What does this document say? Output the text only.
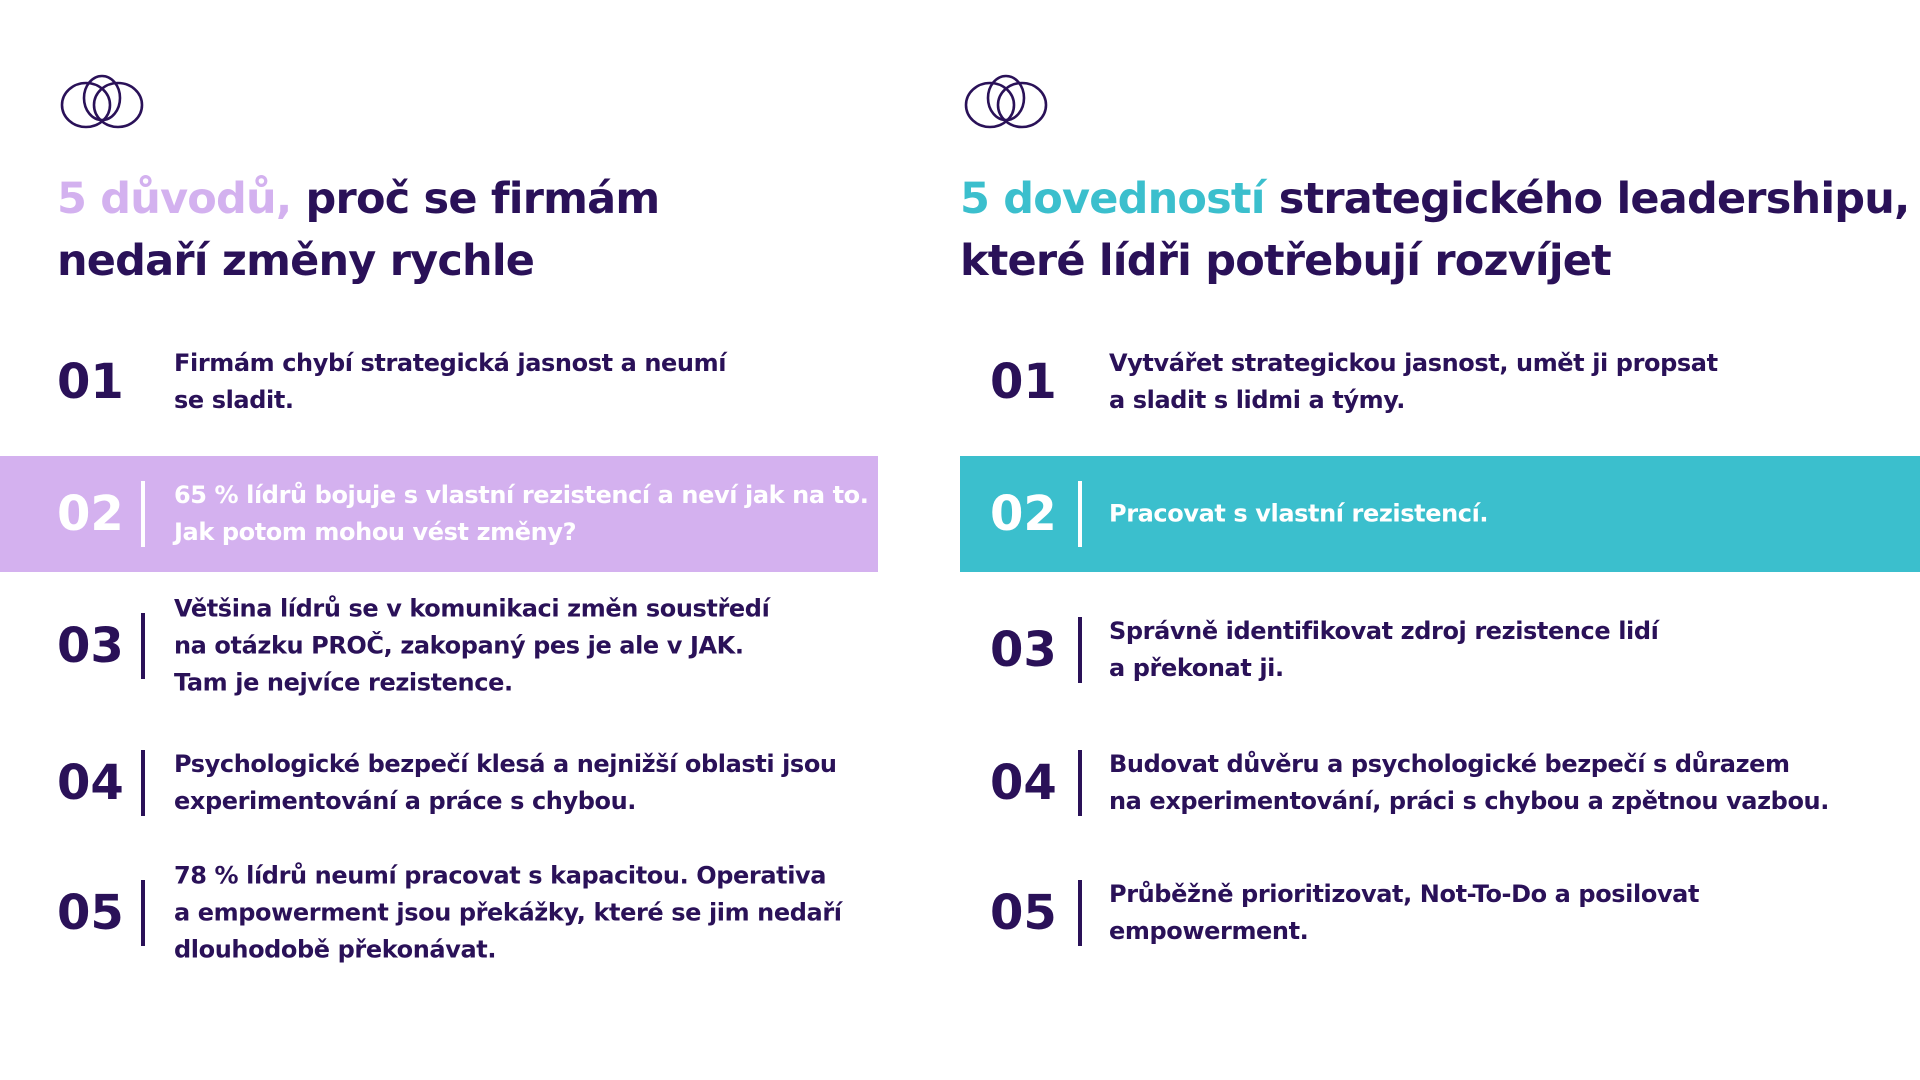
5 důvodů, proč se firmám
nedaří změny rychle
01 Firmám chybí strategická jasnost a neumí
se sladit.
02 65 % lídrů bojuje s vlastní rezistencí a neví jak na to.
Jak potom mohou vést změny?
03
Většina lídrů se v komunikaci změn soustředí
na otázku PROČ, zakopaný pes je ale v JAK.
Tam je nejvíce rezistence.
04 Psychologické bezpečí klesá a nejnižší oblasti jsou
experimentování a práce s chybou.
05
78 % lídrů neumí pracovat s kapacitou. Operativa
a empowerment jsou překážky, které se jim nedaří
dlouhodobě překonávat.
5 dovedností strategického leadershipu,
které lídři potřebují rozvíjet
01 Vytvářet strategickou jasnost, umět ji propsat
a sladit s lidmi a týmy.
02 Pracovat s vlastní rezistencí.
03 Správně identifikovat zdroj rezistence lidí
a překonat ji.
04 Budovat důvěru a psychologické bezpečí s důrazem
na experimentování, práci s chybou a zpětnou vazbou.
05 Průběžně prioritizovat, Not-To-Do a posilovat
empowerment.
